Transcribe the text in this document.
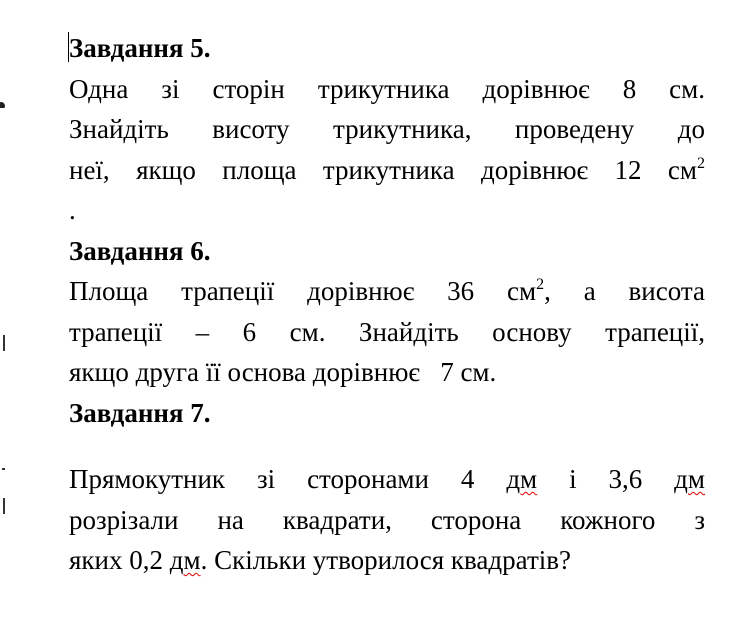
Завдання 5.
Одна зі сторін трикутника дорівнює 8 см.
Знайдіть висоту трикутника, проведену до
неї, якщо площа трикутника дорівнює 12 $см^2$
.
Завдання 6.
Площа трапеції дорівнює 36 $см^2$, а висота
трапеції – 6 см. Знайдіть основу трапеції,
якщо друга її основа дорівнює   7 см.
Завдання 7.
Прямокутник зі сторонами 4 дм і 3,6 дм
розрізали на квадрати, сторона кожного з
яких 0,2 дм. Скільки утворилося квадратів?
